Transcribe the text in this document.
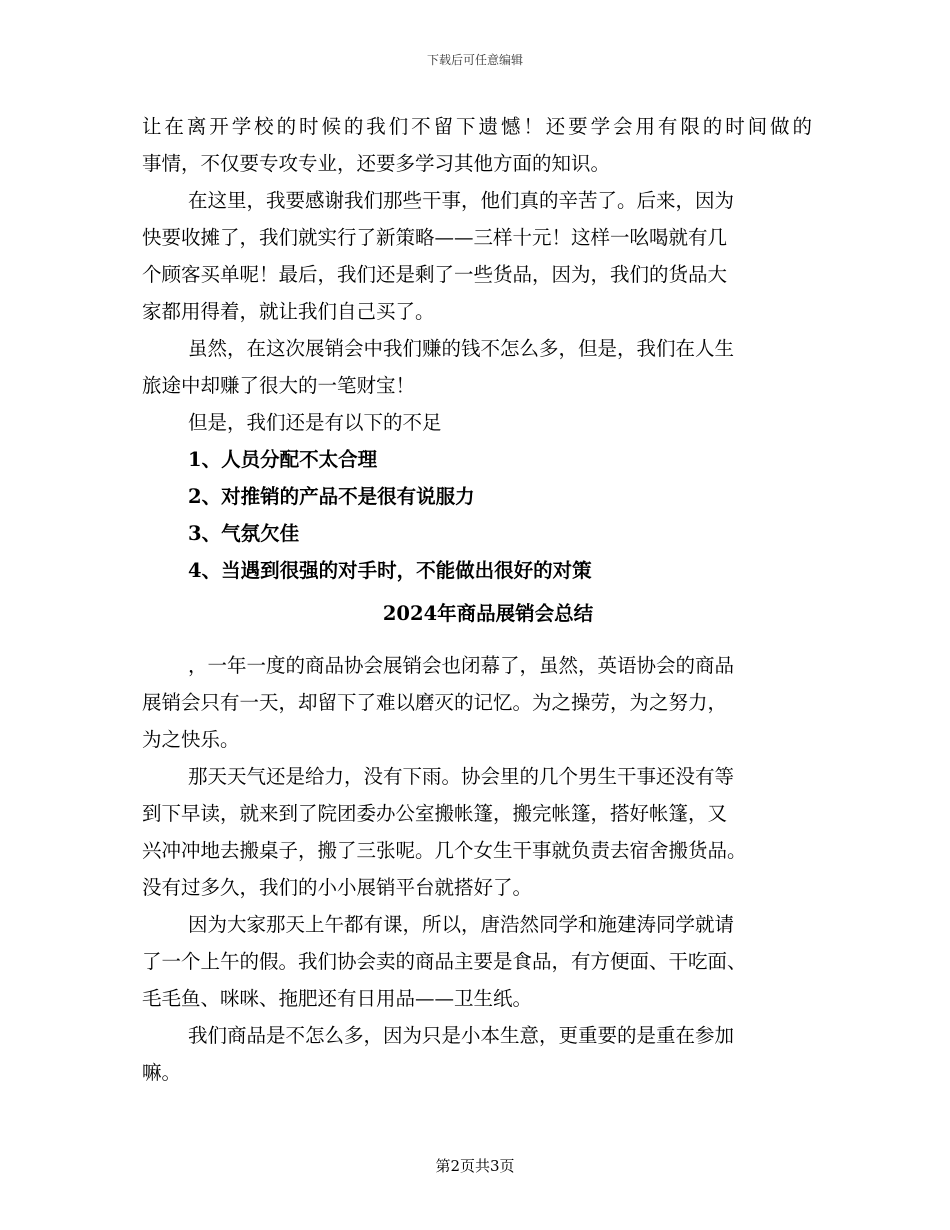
下载后可任意编辑
让在离开学校的时候的我们不留下遗憾！还要学会用有限的时间做的
事情，不仅要专攻专业，还要多学习其他方面的知识。
在这里，我要感谢我们那些干事，他们真的辛苦了。后来，因为
快要收摊了，我们就实行了新策略——三样十元！这样一吆喝就有几
个顾客买单呢！最后，我们还是剩了一些货品，因为，我们的货品大
家都用得着，就让我们自己买了。
虽然，在这次展销会中我们赚的钱不怎么多，但是，我们在人生
旅途中却赚了很大的一笔财宝！
但是，我们还是有以下的不足
1、人员分配不太合理
2、对推销的产品不是很有说服力
3、气氛欠佳
4、当遇到很强的对手时，不能做出很好的对策
2024年商品展销会总结
，一年一度的商品协会展销会也闭幕了，虽然，英语协会的商品
展销会只有一天，却留下了难以磨灭的记忆。为之操劳，为之努力，
为之快乐。
那天天气还是给力，没有下雨。协会里的几个男生干事还没有等
到下早读，就来到了院团委办公室搬帐篷，搬完帐篷，搭好帐篷，又
兴冲冲地去搬桌子，搬了三张呢。几个女生干事就负责去宿舍搬货品。
没有过多久，我们的小小展销平台就搭好了。
因为大家那天上午都有课，所以，唐浩然同学和施建涛同学就请
了一个上午的假。我们协会卖的商品主要是食品，有方便面、干吃面、
毛毛鱼、咪咪、拖肥还有日用品——卫生纸。
我们商品是不怎么多，因为只是小本生意，更重要的是重在参加
嘛。
第2页共3页
